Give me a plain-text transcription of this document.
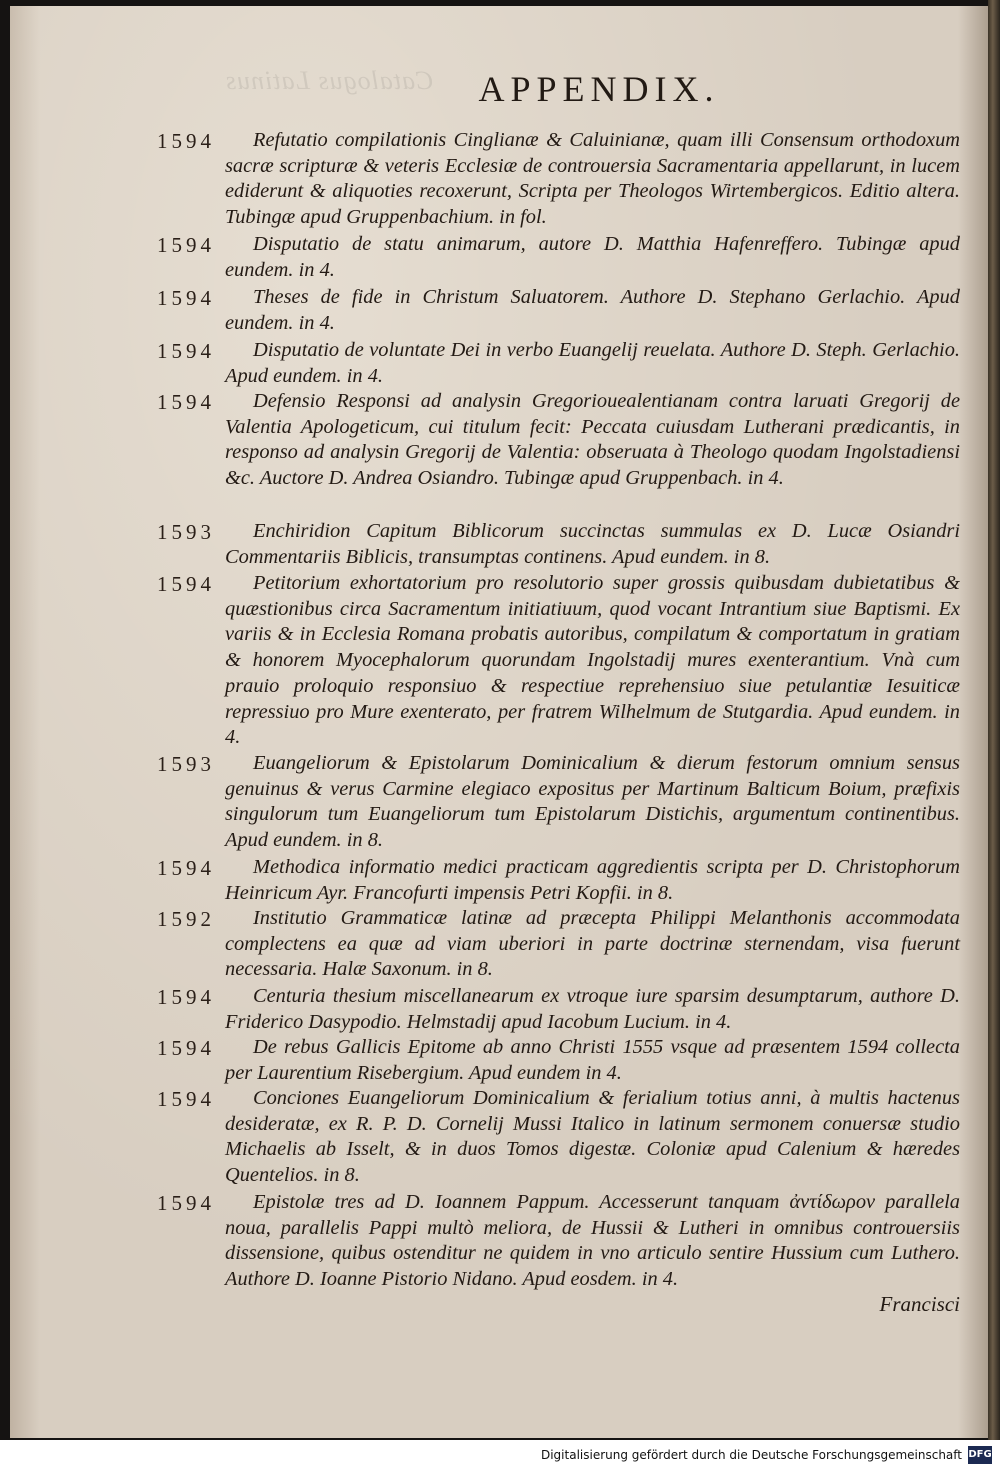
Catalogus Latinus	APPENDIX.
1594	Refutatio compilationis Cinglianæ & Caluinianæ, quam illi Consensum orthodoxum sacræ scripturæ & veteris Ecclesiæ de controuersia Sacramentaria appellarunt, in lucem ediderunt & aliquoties recoxerunt, Scripta per Theologos Wirtembergicos. Editio altera. Tubingæ apud Gruppenbachium. in fol.

1594	Disputatio de statu animarum, autore D. Matthia Hafenreffero. Tubingæ apud eundem. in 4.

1594	Theses de fide in Christum Saluatorem. Authore D. Stephano Gerlachio. Apud eundem. in 4.

1594	Disputatio de voluntate Dei in verbo Euangelij reuelata. Authore D. Steph. Gerlachio. Apud eundem. in 4.

1594	Defensio Responsi ad analysin Gregoriouealentianam contra laruati Gregorij de Valentia Apologeticum, cui titulum fecit: Peccata cuiusdam Lutherani prædicantis, in responso ad analysin Gregorij de Valentia: obseruata à Theologo quodam Ingolstadiensi &c. Auctore D. Andrea Osiandro. Tubingæ apud Gruppenbach. in 4.

1593	Enchiridion Capitum Biblicorum succinctas summulas ex D. Lucæ Osiandri Commentariis Biblicis, transumptas continens. Apud eundem. in 8.

1594	Petitorium exhortatorium pro resolutorio super grossis quibusdam dubietatibus & quæstionibus circa Sacramentum initiatiuum, quod vocant Intrantium siue Baptismi. Ex variis & in Ecclesia Romana probatis autoribus, compilatum & comportatum in gratiam & honorem Myocephalorum quorundam Ingolstadij mures exenterantium. Vnà cum prauio proloquio responsiuo & respectiue reprehensiuo siue petulantiæ Iesuiticæ repressiuo pro Mure exenterato, per fratrem Wilhelmum de Stutgardia. Apud eundem. in 4.

1593	Euangeliorum & Epistolarum Dominicalium & dierum festorum omnium sensus genuinus & verus Carmine elegiaco expositus per Martinum Balticum Boium, præfixis singulorum tum Euangeliorum tum Epistolarum Distichis, argumentum continentibus. Apud eundem. in 8.

1594	Methodica informatio medici practicam aggredientis scripta per D. Christophorum Heinricum Ayr. Francofurti impensis Petri Kopfii. in 8.

1592	Institutio Grammaticæ latinæ ad præcepta Philippi Melanthonis accommodata complectens ea quæ ad viam uberiori in parte doctrinæ sternendam, visa fuerunt necessaria. Halæ Saxonum. in 8.

1594	Centuria thesium miscellanearum ex vtroque iure sparsim desumptarum, authore D. Friderico Dasypodio. Helmstadij apud Iacobum Lucium. in 4.

1594	De rebus Gallicis Epitome ab anno Christi 1555 vsque ad præsentem 1594 collecta per Laurentium Risebergium. Apud eundem in 4.

1594	Conciones Euangeliorum Dominicalium & ferialium totius anni, à multis hactenus desideratæ, ex R. P. D. Cornelij Mussi Italico in latinum sermonem conuersæ studio Michaelis ab Isselt, & in duos Tomos digestæ. Coloniæ apud Calenium & hæredes Quentelios. in 8.

1594	Epistolæ tres ad D. Ioannem Pappum. Accesserunt tanquam ἀντίδωρον parallela noua, parallelis Pappi multò meliora, de Hussii & Lutheri in omnibus controuersiis dissensione, quibus ostenditur ne quidem in vno articulo sentire Hussium cum Luthero. Authore D. Ioanne Pistorio Nidano. Apud eosdem. in 4.

Francisci
Digitalisierung gefördert durch die Deutsche Forschungsgemeinschaft DFG
